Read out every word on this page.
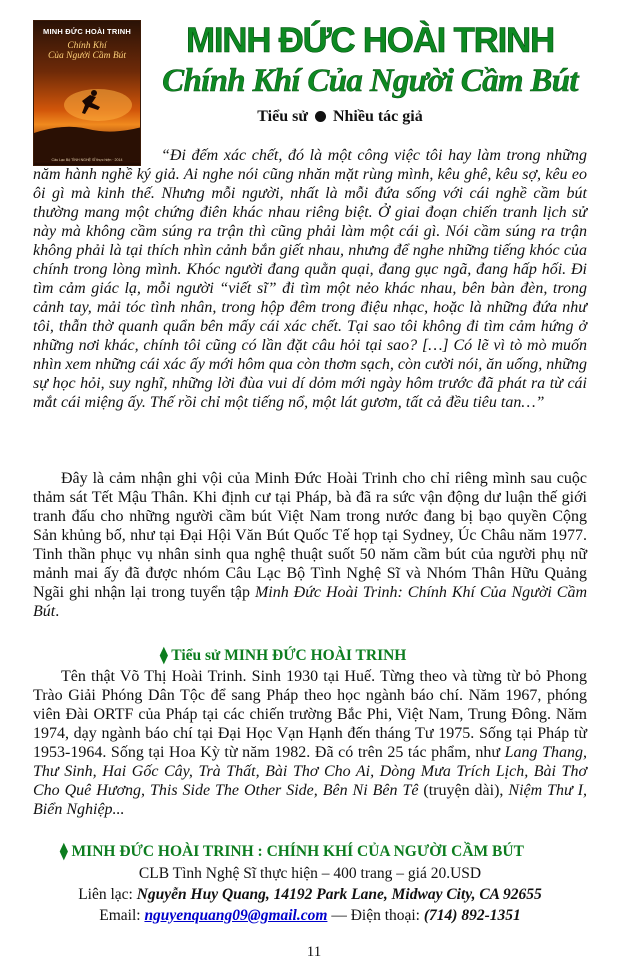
MINH ĐỨC HOÀI TRINH
Chính Khí
Của Người Cầm Bút
Câu Lạc Bộ TÌNH NGHỆ SĨ thực hiện · 2014
MINH ĐỨC HOÀI TRINH
Chính Khí Của Người Cầm Bút
Tiểu sử Nhiều tác giả
“Đi đếm xác chết, đó là một công việc tôi hay làm trong những năm hành nghề ký giả. Ai nghe nói cũng nhăn mặt rùng mình, kêu ghê, kêu sợ, kêu eo ôi gì mà kinh thế. Nhưng mỗi người, nhất là mỗi đứa sống với cái nghề cầm bút thường mang một chứng điên khác nhau riêng biệt. Ở giai đoạn chiến tranh lịch sử này mà không cầm súng ra trận thì cũng phải làm một cái gì. Nói cầm súng ra trận không phải là tại thích nhìn cảnh bắn giết nhau, nhưng để nghe những tiếng khóc của chính trong lòng mình. Khóc người đang quằn quại, đang gục ngã, đang hấp hối. Đi tìm cảm giác lạ, mỗi người “viết sĩ” đi tìm một nẻo khác nhau, bên bàn đèn, trong cảnh tay, mải tóc tình nhân, trong hộp đêm trong điệu nhạc, hoặc là những đứa như tôi, thẫn thờ quanh quẩn bên mấy cái xác chết. Tại sao tôi không đi tìm cảm hứng ở những nơi khác, chính tôi cũng có lần đặt câu hỏi tại sao? […] Có lẽ vì tò mò muốn nhìn xem những cái xác ấy mới hôm qua còn thơm sạch, còn cười nói, ăn uống, những sự học hỏi, suy nghĩ, những lời đùa vui dí dỏm mới ngày hôm trước đã phát ra từ cái mắt cái miệng ấy. Thế rồi chỉ một tiếng nổ, một lát gươm, tất cả đều tiêu tan…”
Đây là cảm nhận ghi vội của Minh Đức Hoài Trinh cho chỉ riêng mình sau cuộc thảm sát Tết Mậu Thân. Khi định cư tại Pháp, bà đã ra sức vận động dư luận thế giới tranh đấu cho những người cầm bút Việt Nam trong nước đang bị bạo quyền Cộng Sản khủng bố, như tại Đại Hội Văn Bút Quốc Tế họp tại Sydney, Úc Châu năm 1977. Tinh thần phục vụ nhân sinh qua nghệ thuật suốt 50 năm cầm bút của người phụ nữ mảnh mai ấy đã được nhóm Câu Lạc Bộ Tình Nghệ Sĩ và Nhóm Thân Hữu Quảng Ngãi ghi nhận lại trong tuyển tập Minh Đức Hoài Trinh: Chính Khí Của Người Cầm Bút.
⧫ Tiểu sử MINH ĐỨC HOÀI TRINH
Tên thật Võ Thị Hoài Trinh. Sinh 1930 tại Huế. Từng theo và từng từ bỏ Phong Trào Giải Phóng Dân Tộc để sang Pháp theo học ngành báo chí. Năm 1967, phóng viên Đài ORTF của Pháp tại các chiến trường Bắc Phi, Việt Nam, Trung Đông. Năm 1974, dạy ngành báo chí tại Đại Học Vạn Hạnh đến tháng Tư 1975. Sống tại Pháp từ 1953-1964. Sống tại Hoa Kỳ từ năm 1982. Đã có trên 25 tác phẩm, như Lang Thang, Thư Sinh, Hai Gốc Cây, Trà Thất, Bài Thơ Cho Ai, Dòng Mưa Trích Lịch, Bài Thơ Cho Quê Hương, This Side The Other Side, Bên Ni Bên Tê (truyện dài), Niệm Thư I, Biển Nghiệp...
⧫ MINH ĐỨC HOÀI TRINH : CHÍNH KHÍ CỦA NGƯỜI CẦM BÚT
CLB Tình Nghệ Sĩ thực hiện – 400 trang – giá 20.USD
Liên lạc: Nguyễn Huy Quang, 14192 Park Lane, Midway City, CA 92655
Email: nguyenquang09@gmail.com — Điện thoại: (714) 892-1351
11
